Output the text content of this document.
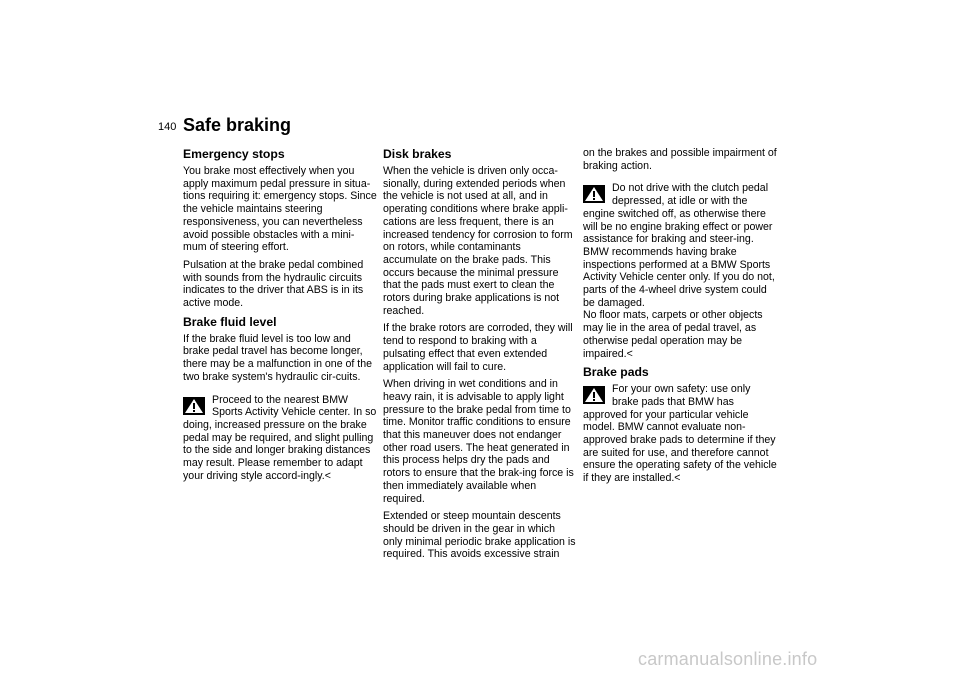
140 Safe braking
Emergency stops

You brake most effectively when you apply maximum pedal pressure in situa-tions requiring it: emergency stops. Since the vehicle maintains steering responsiveness, you can nevertheless avoid possible obstacles with a mini-mum of steering effort.

Pulsation at the brake pedal combined with sounds from the hydraulic circuits indicates to the driver that ABS is in its active mode.

Brake fluid level

If the brake fluid level is too low and brake pedal travel has become longer, there may be a malfunction in one of the two brake system's hydraulic cir-cuits.

Proceed to the nearest BMW Sports Activity Vehicle center. In so doing, increased pressure on the brake pedal may be required, and slight pulling to the side and longer braking distances may result. Please remember to adapt your driving style accord-ingly.<
Disk brakes

When the vehicle is driven only occa-sionally, during extended periods when the vehicle is not used at all, and in operating conditions where brake appli-cations are less frequent, there is an increased tendency for corrosion to form on rotors, while contaminants accumulate on the brake pads. This occurs because the minimal pressure that the pads must exert to clean the rotors during brake applications is not reached.

If the brake rotors are corroded, they will tend to respond to braking with a pulsating effect that even extended application will fail to cure.

When driving in wet conditions and in heavy rain, it is advisable to apply light pressure to the brake pedal from time to time. Monitor traffic conditions to ensure that this maneuver does not endanger other road users. The heat generated in this process helps dry the pads and rotors to ensure that the brak-ing force is then immediately available when required.

Extended or steep mountain descents should be driven in the gear in which only minimal periodic brake application is required. This avoids excessive strain

on the brakes and possible impairment of braking action.

Do not drive with the clutch pedal depressed, at idle or with the engine switched off, as otherwise there will be no engine braking effect or power assistance for braking and steer-ing.
BMW recommends having brake inspections performed at a BMW Sports Activity Vehicle center only. If you do not, parts of the 4-wheel drive system could be damaged.
No floor mats, carpets or other objects may lie in the area of pedal travel, as otherwise pedal operation may be impaired.<
Brake pads
For your own safety: use only brake pads that BMW has approved for your particular vehicle model. BMW cannot evaluate non-approved brake pads to determine if they are suited for use, and therefore cannot ensure the operating safety of the vehicle if they are installed.<
carmanualsonline.info
